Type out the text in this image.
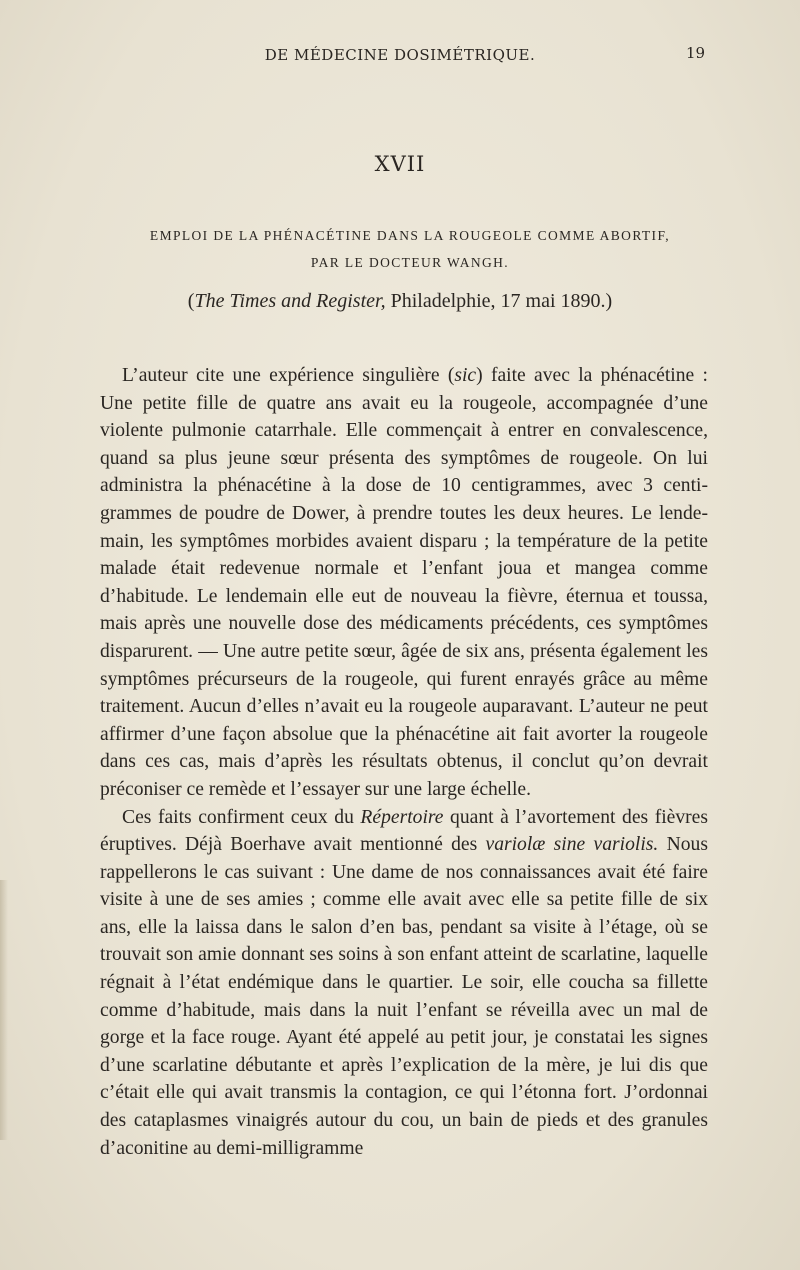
DE MÉDECINE DOSIMÉTRIQUE.	19
XVII
EMPLOI DE LA PHÉNACÉTINE DANS LA ROUGEOLE COMME ABORTIF,
PAR LE DOCTEUR WANGH.
(The Times and Register, Philadelphie, 17 mai 1890.)

L’auteur cite une expérience singulière (sic) faite avec la phénacétine : Une petite fille de quatre ans avait eu la rougeole, accompagnée d’une violente pulmonie catarrhale. Elle commençait à entrer en convalescence, quand sa plus jeune sœur présenta des symptômes de rougeole. On lui administra la phénacétine à la dose de 10 centigrammes, avec 3 centi-grammes de poudre de Dower, à prendre toutes les deux heures. Le lende-main, les symptômes morbides avaient disparu ; la température de la petite malade était redevenue normale et l’enfant joua et mangea comme d’habitude. Le lendemain elle eut de nouveau la fièvre, éternua et toussa, mais après une nouvelle dose des médicaments précédents, ces symptômes disparurent. — Une autre petite sœur, âgée de six ans, présenta également les symptômes précurseurs de la rougeole, qui furent enrayés grâce au même traitement. Aucun d’elles n’avait eu la rougeole auparavant. L’auteur ne peut affirmer d’une façon absolue que la phénacétine ait fait avorter la rougeole dans ces cas, mais d’après les résultats obtenus, il conclut qu’on devrait préconiser ce remède et l’essayer sur une large échelle.

Ces faits confirment ceux du Répertoire quant à l’avortement des fièvres éruptives. Déjà Boerhave avait mentionné des variolæ sine variolis. Nous rappellerons le cas suivant : Une dame de nos connaissances avait été faire visite à une de ses amies ; comme elle avait avec elle sa petite fille de six ans, elle la laissa dans le salon d’en bas, pendant sa visite à l’étage, où se trouvait son amie donnant ses soins à son enfant atteint de scarlatine, laquelle régnait à l’état endémique dans le quartier. Le soir, elle coucha sa fillette comme d’habitude, mais dans la nuit l’enfant se réveilla avec un mal de gorge et la face rouge. Ayant été appelé au petit jour, je constatai les signes d’une scarlatine débutante et après l’explication de la mère, je lui dis que c’était elle qui avait transmis la contagion, ce qui l’étonna fort. J’ordonnai des cataplasmes vinaigrés autour du cou, un bain de pieds et des granules d’aconitine au demi-milligramme
